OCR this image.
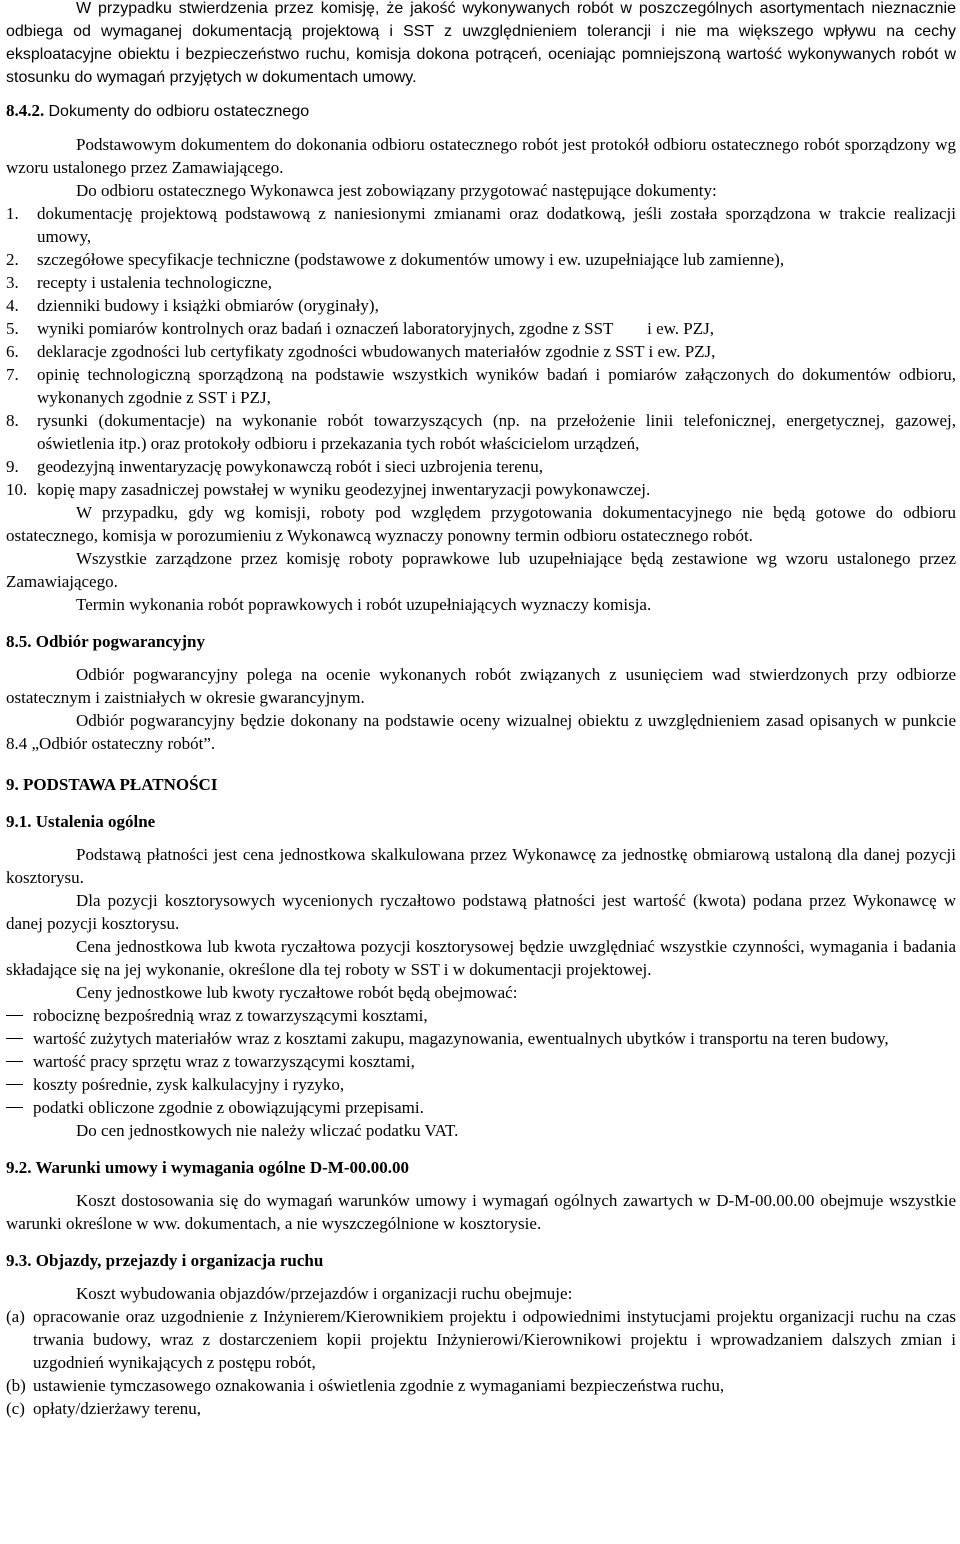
W przypadku stwierdzenia przez komisję, że jakość wykonywanych robót w poszczególnych asortymentach nieznacznie odbiega od wymaganej dokumentacją projektową i SST z uwzględnieniem tolerancji i nie ma większego wpływu na cechy eksploatacyjne obiektu i bezpieczeństwo ruchu, komisja dokona potrąceń, oceniając pomniejszoną wartość wykonywanych robót w stosunku do wymagań przyjętych w dokumentach umowy.

8.4.2. Dokumenty do odbioru ostatecznego

Podstawowym dokumentem do dokonania odbioru ostatecznego robót jest protokół odbioru ostatecznego robót sporządzony wg wzoru ustalonego przez Zamawiającego.

Do odbioru ostatecznego Wykonawca jest zobowiązany przygotować następujące dokumenty:

1. dokumentację projektową podstawową z naniesionymi zmianami oraz dodatkową, jeśli została sporządzona w trakcie realizacji umowy,
2. szczegółowe specyfikacje techniczne (podstawowe z dokumentów umowy i ew. uzupełniające lub zamienne),
3. recepty i ustalenia technologiczne,
4. dzienniki budowy i książki obmiarów (oryginały),
5. wyniki pomiarów kontrolnych oraz badań i oznaczeń laboratoryjnych, zgodne z SST        i ew. PZJ,
6. deklaracje zgodności lub certyfikaty zgodności wbudowanych materiałów zgodnie z SST i ew. PZJ,
7. opinię technologiczną sporządzoną na podstawie wszystkich wyników badań i pomiarów załączonych do dokumentów odbioru, wykonanych zgodnie z SST i PZJ,
8. rysunki (dokumentacje) na wykonanie robót towarzyszących (np. na przełożenie linii telefonicznej, energetycznej, gazowej, oświetlenia itp.) oraz protokoły odbioru i przekazania tych robót właścicielom urządzeń,
9. geodezyjną inwentaryzację powykonawczą robót i sieci uzbrojenia terenu,
10. kopię mapy zasadniczej powstałej w wyniku geodezyjnej inwentaryzacji powykonawczej.

W przypadku, gdy wg komisji, roboty pod względem przygotowania dokumentacyjnego nie będą gotowe do odbioru ostatecznego, komisja w porozumieniu z Wykonawcą wyznaczy ponowny termin odbioru ostatecznego robót.

Wszystkie zarządzone przez komisję roboty poprawkowe lub uzupełniające będą zestawione wg wzoru ustalonego przez Zamawiającego.

Termin wykonania robót poprawkowych i robót uzupełniających wyznaczy komisja.

8.5. Odbiór pogwarancyjny

Odbiór pogwarancyjny polega na ocenie wykonanych robót związanych z usunięciem wad stwierdzonych przy odbiorze ostatecznym i zaistniałych w okresie gwarancyjnym.

Odbiór pogwarancyjny będzie dokonany na podstawie oceny wizualnej obiektu z uwzględnieniem zasad opisanych w punkcie 8.4 „Odbiór ostateczny robót”.

9. PODSTAWA PŁATNOŚCI

9.1. Ustalenia ogólne

Podstawą płatności jest cena jednostkowa skalkulowana przez Wykonawcę za jednostkę obmiarową ustaloną dla danej pozycji kosztorysu.

Dla pozycji kosztorysowych wycenionych ryczałtowo podstawą płatności jest wartość (kwota) podana przez Wykonawcę w danej pozycji kosztorysu.

Cena jednostkowa lub kwota ryczałtowa pozycji kosztorysowej będzie uwzględniać wszystkie czynności, wymagania i badania składające się na jej wykonanie, określone dla tej roboty w SST i w dokumentacji projektowej.

Ceny jednostkowe lub kwoty ryczałtowe robót będą obejmować:

robociznę bezpośrednią wraz z towarzyszącymi kosztami,
wartość zużytych materiałów wraz z kosztami zakupu, magazynowania, ewentualnych ubytków i transportu na teren budowy,
wartość pracy sprzętu wraz z towarzyszącymi kosztami,
koszty pośrednie, zysk kalkulacyjny i ryzyko,
podatki obliczone zgodnie z obowiązującymi przepisami.

Do cen jednostkowych nie należy wliczać podatku VAT.

9.2. Warunki umowy i wymagania ogólne D-M-00.00.00

Koszt dostosowania się do wymagań warunków umowy i wymagań ogólnych zawartych w D-M-00.00.00 obejmuje wszystkie warunki określone w ww. dokumentach, a nie wyszczególnione w kosztorysie.

9.3. Objazdy, przejazdy i organizacja ruchu

Koszt wybudowania objazdów/przejazdów i organizacji ruchu obejmuje:

(a) opracowanie oraz uzgodnienie z Inżynierem/Kierownikiem projektu i odpowiednimi instytucjami projektu organizacji ruchu na czas trwania budowy, wraz z dostarczeniem kopii projektu Inżynierowi/Kierownikowi projektu i wprowadzaniem dalszych zmian i uzgodnień wynikających z postępu robót,
(b) ustawienie tymczasowego oznakowania i oświetlenia zgodnie z wymaganiami bezpieczeństwa ruchu,
(c) opłaty/dzierżawy terenu,
